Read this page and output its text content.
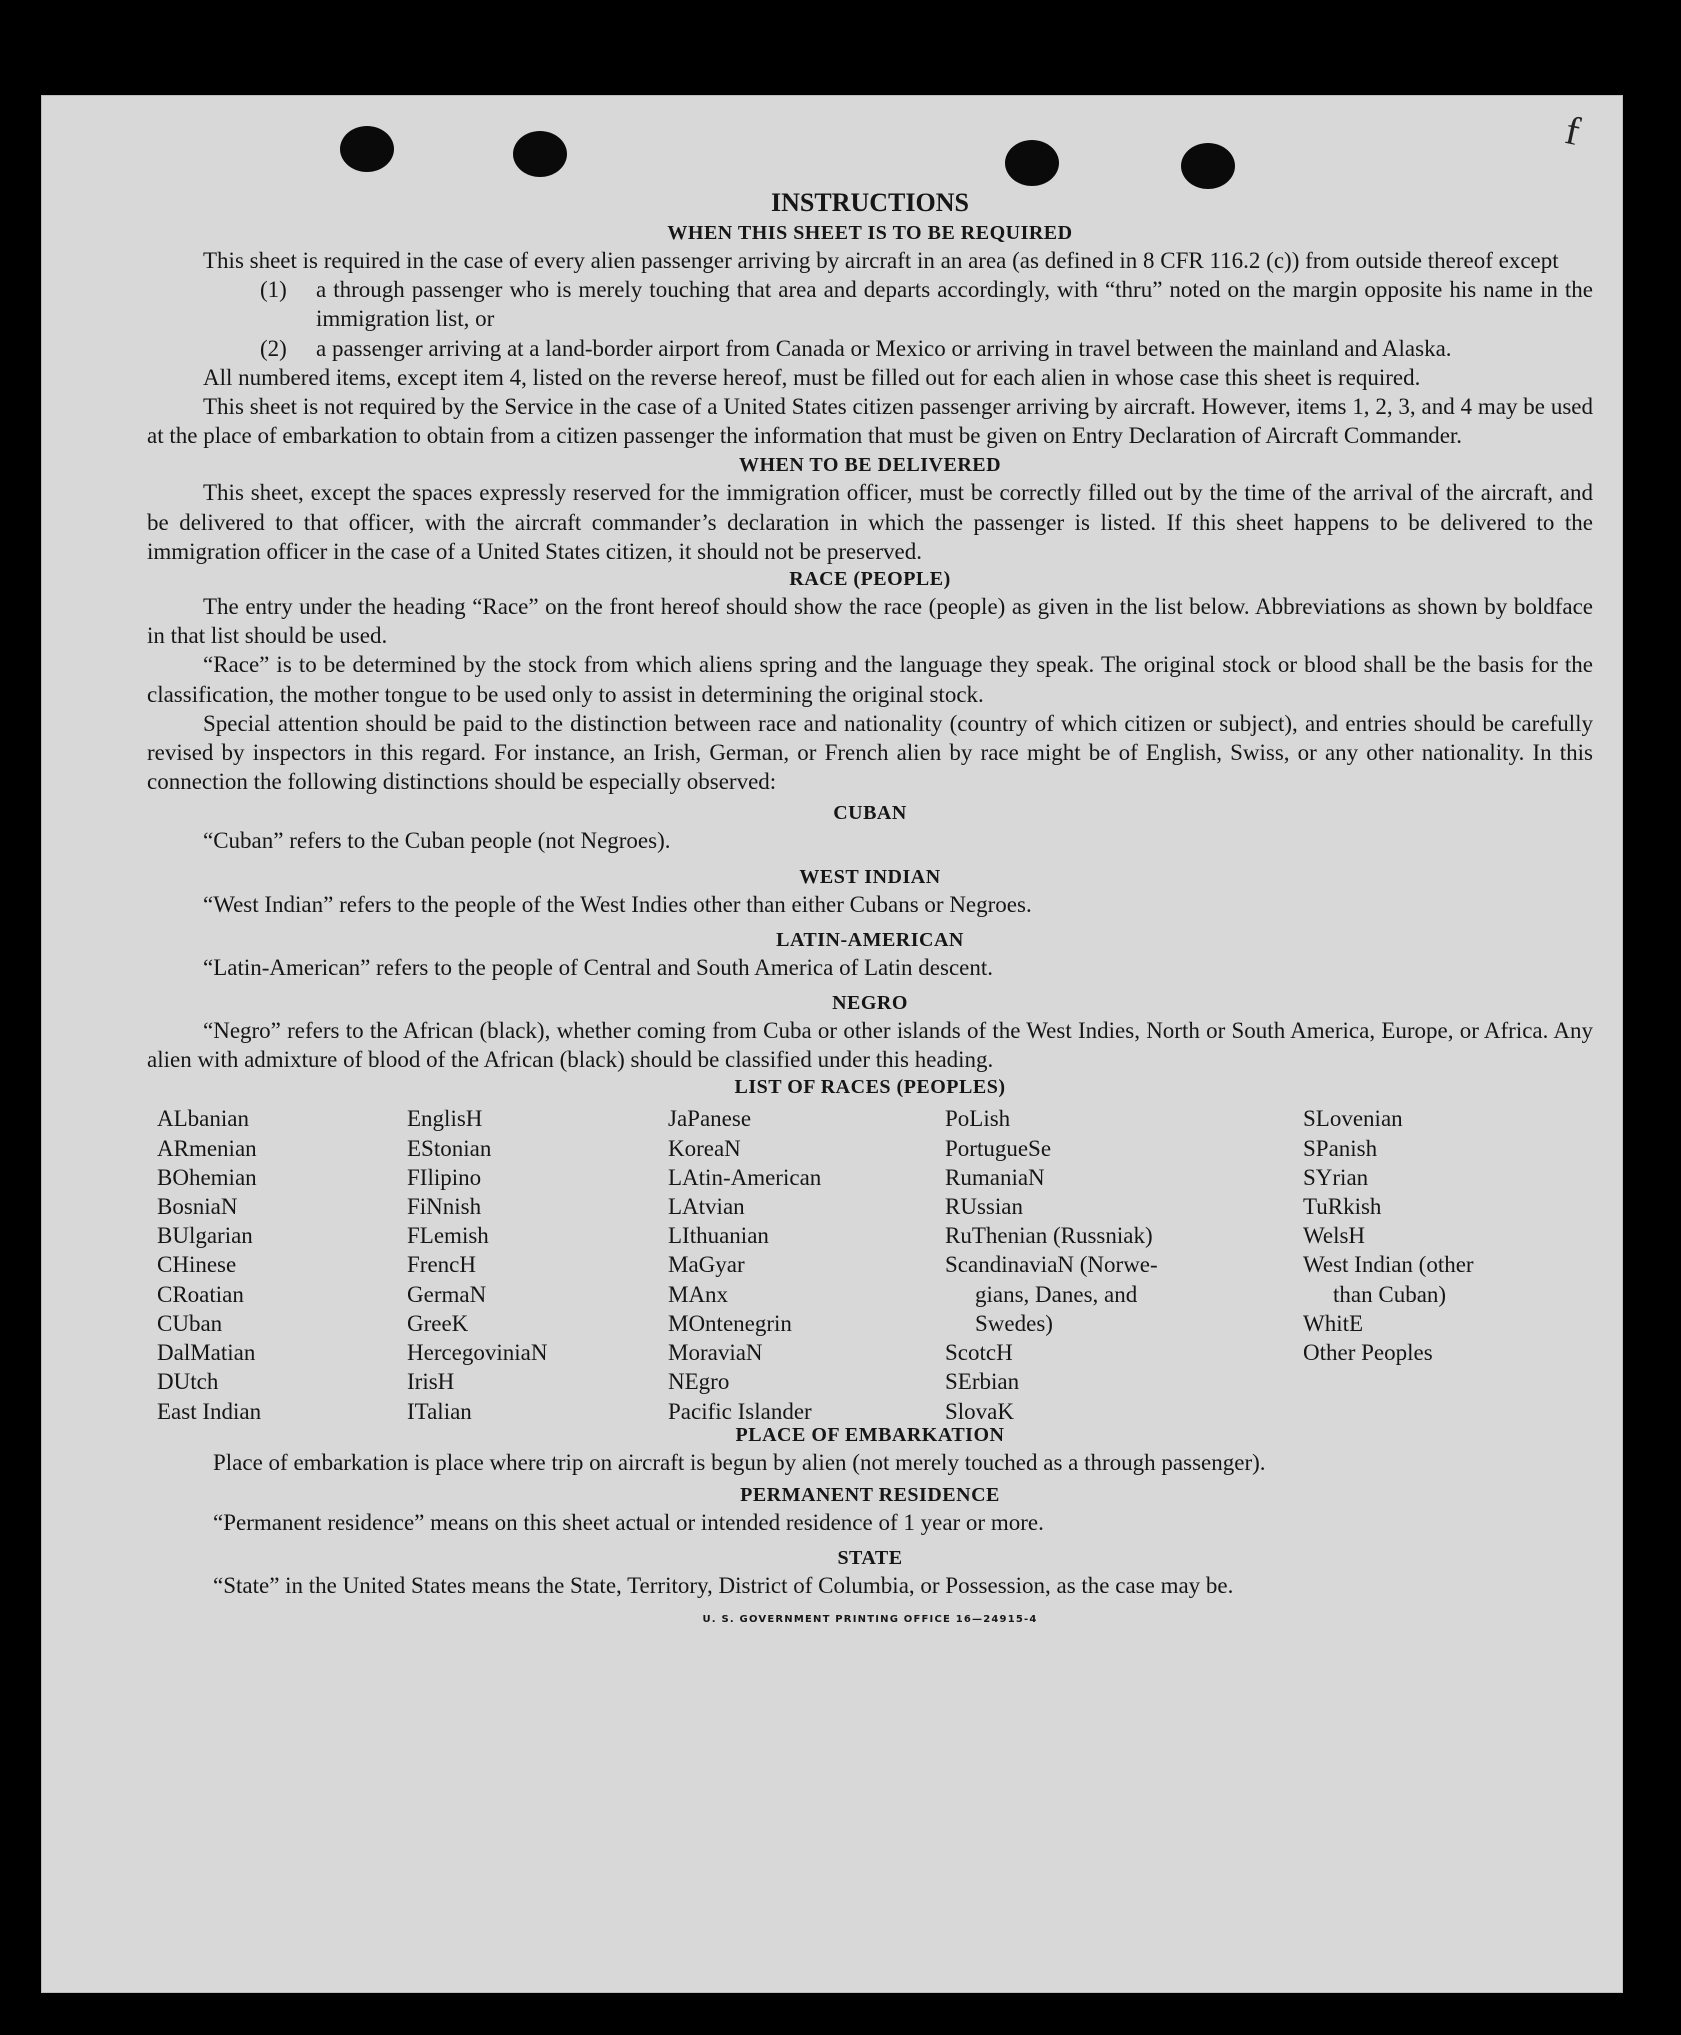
f
INSTRUCTIONS
WHEN THIS SHEET IS TO BE REQUIRED

This sheet is required in the case of every alien passenger arriving by aircraft in an area (as defined in 8 CFR 116.2 (c)) from outside thereof except

(1) a through passenger who is merely touching that area and departs accordingly, with “thru” noted on the margin opposite his name in the immigration list, or

(2) a passenger arriving at a land-border airport from Canada or Mexico or arriving in travel between the mainland and Alaska.

All numbered items, except item 4, listed on the reverse hereof, must be filled out for each alien in whose case this sheet is required.

This sheet is not required by the Service in the case of a United States citizen passenger arriving by aircraft. However, items 1, 2, 3, and 4 may be used at the place of embarkation to obtain from a citizen passenger the information that must be given on Entry Declaration of Aircraft Commander.

WHEN TO BE DELIVERED

This sheet, except the spaces expressly reserved for the immigration officer, must be correctly filled out by the time of the arrival of the aircraft, and be delivered to that officer, with the aircraft commander’s declaration in which the passenger is listed. If this sheet happens to be delivered to the immigration officer in the case of a United States citizen, it should not be preserved.

RACE (PEOPLE)

The entry under the heading “Race” on the front hereof should show the race (people) as given in the list below. Abbreviations as shown by boldface in that list should be used.

“Race” is to be determined by the stock from which aliens spring and the language they speak. The original stock or blood shall be the basis for the classification, the mother tongue to be used only to assist in determining the original stock.

Special attention should be paid to the distinction between race and nationality (country of which citizen or subject), and entries should be carefully revised by inspectors in this regard. For instance, an Irish, German, or French alien by race might be of English, Swiss, or any other nationality. In this connection the following distinctions should be especially observed:

CUBAN

“Cuban” refers to the Cuban people (not Negroes).

WEST INDIAN

“West Indian” refers to the people of the West Indies other than either Cubans or Negroes.

LATIN-AMERICAN

“Latin-American” refers to the people of Central and South America of Latin descent.

NEGRO

“Negro” refers to the African (black), whether coming from Cuba or other islands of the West Indies, North or South America, Europe, or Africa. Any alien with admixture of blood of the African (black) should be classified under this heading.

LIST OF RACES (PEOPLES)
ALbanian
ARmenian
BOhemian
BosniaN
BUlgarian
CHinese
CRoatian
CUban
DalMatian
DUtch
East Indian
EnglisH
EStonian
FIlipino
FiNnish
FLemish
FrencH
GermaN
GreeK
HercegoviniaN
IrisH
ITalian
JaPanese
KoreaN
LAtin-American
LAtvian
LIthuanian
MaGyar
MAnx
MOntenegrin
MoraviaN
NEgro
Pacific Islander
PoLish
PortugueSe
RumaniaN
RUssian
RuThenian (Russniak)
ScandinaviaN (Norwe-
gians, Danes, and
Swedes)
ScotcH
SErbian
SlovaK
SLovenian
SPanish
SYrian
TuRkish
WelsH
West Indian (other
than Cuban)
WhitE
Other Peoples
PLACE OF EMBARKATION

Place of embarkation is place where trip on aircraft is begun by alien (not merely touched as a through passenger).

PERMANENT RESIDENCE

“Permanent residence” means on this sheet actual or intended residence of 1 year or more.

STATE

“State” in the United States means the State, Territory, District of Columbia, or Possession, as the case may be.

U. S. GOVERNMENT PRINTING OFFICE 16—24915-4
